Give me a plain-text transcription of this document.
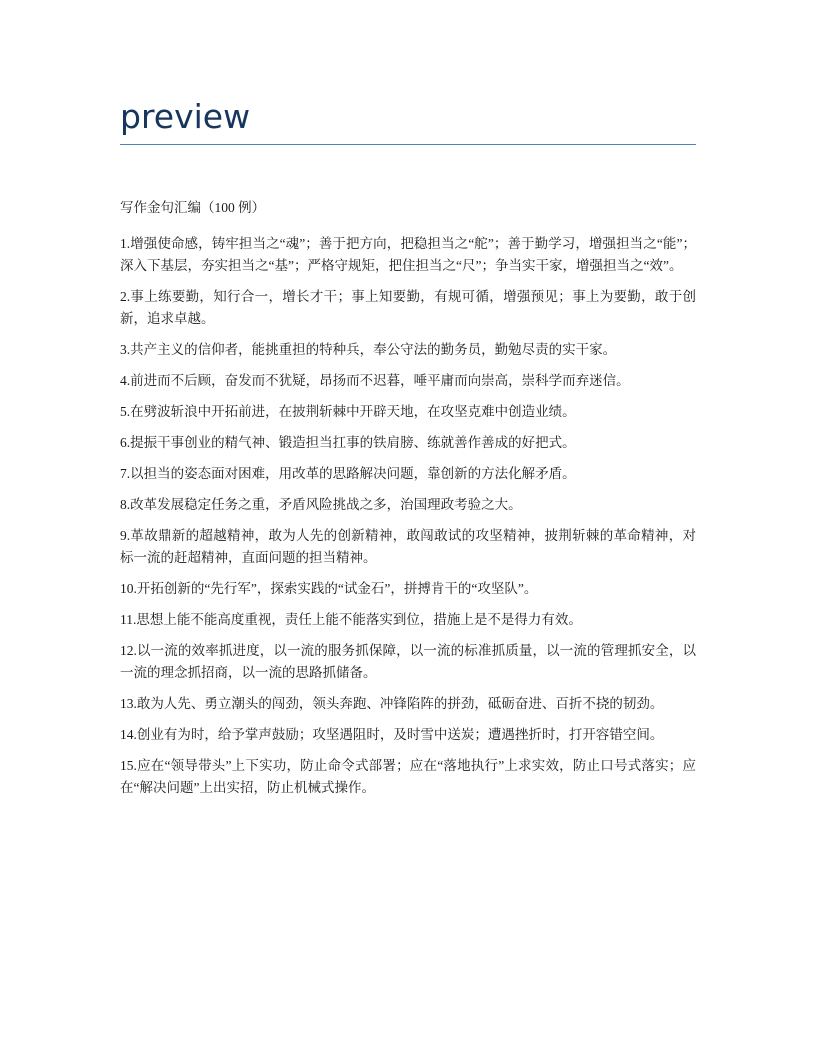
preview

写作金句汇编（100 例）

1.增强使命感，铸牢担当之“魂”；善于把方向，把稳担当之“舵”；善于勤学习，增强担当之“能”；深入下基层，夯实担当之“基”；严格守规矩，把住担当之“尺”；争当实干家，增强担当之“效”。

2.事上练要勤，知行合一，增长才干；事上知要勤，有规可循，增强预见；事上为要勤，敢于创新，追求卓越。

3.共产主义的信仰者，能挑重担的特种兵，奉公守法的勤务员，勤勉尽责的实干家。

4.前进而不后顾，奋发而不犹疑，昂扬而不迟暮，唾平庸而向崇高，崇科学而弃迷信。

5.在劈波斩浪中开拓前进，在披荆斩棘中开辟天地，在攻坚克难中创造业绩。

6.提振干事创业的精气神、锻造担当扛事的铁肩膀、练就善作善成的好把式。

7.以担当的姿态面对困难，用改革的思路解决问题，靠创新的方法化解矛盾。

8.改革发展稳定任务之重，矛盾风险挑战之多，治国理政考验之大。

9.革故鼎新的超越精神，敢为人先的创新精神，敢闯敢试的攻坚精神，披荆斩棘的革命精神，对标一流的赶超精神，直面问题的担当精神。

10.开拓创新的“先行军”，探索实践的“试金石”，拼搏肯干的“攻坚队”。

11.思想上能不能高度重视，责任上能不能落实到位，措施上是不是得力有效。

12.以一流的效率抓进度，以一流的服务抓保障，以一流的标准抓质量，以一流的管理抓安全，以一流的理念抓招商，以一流的思路抓储备。

13.敢为人先、勇立潮头的闯劲，领头奔跑、冲锋陷阵的拼劲，砥砺奋进、百折不挠的韧劲。

14.创业有为时，给予掌声鼓励；攻坚遇阻时，及时雪中送炭；遭遇挫折时，打开容错空间。

15.应在“领导带头”上下实功，防止命令式部署；应在“落地执行”上求实效，防止口号式落实；应在“解决问题”上出实招，防止机械式操作。
